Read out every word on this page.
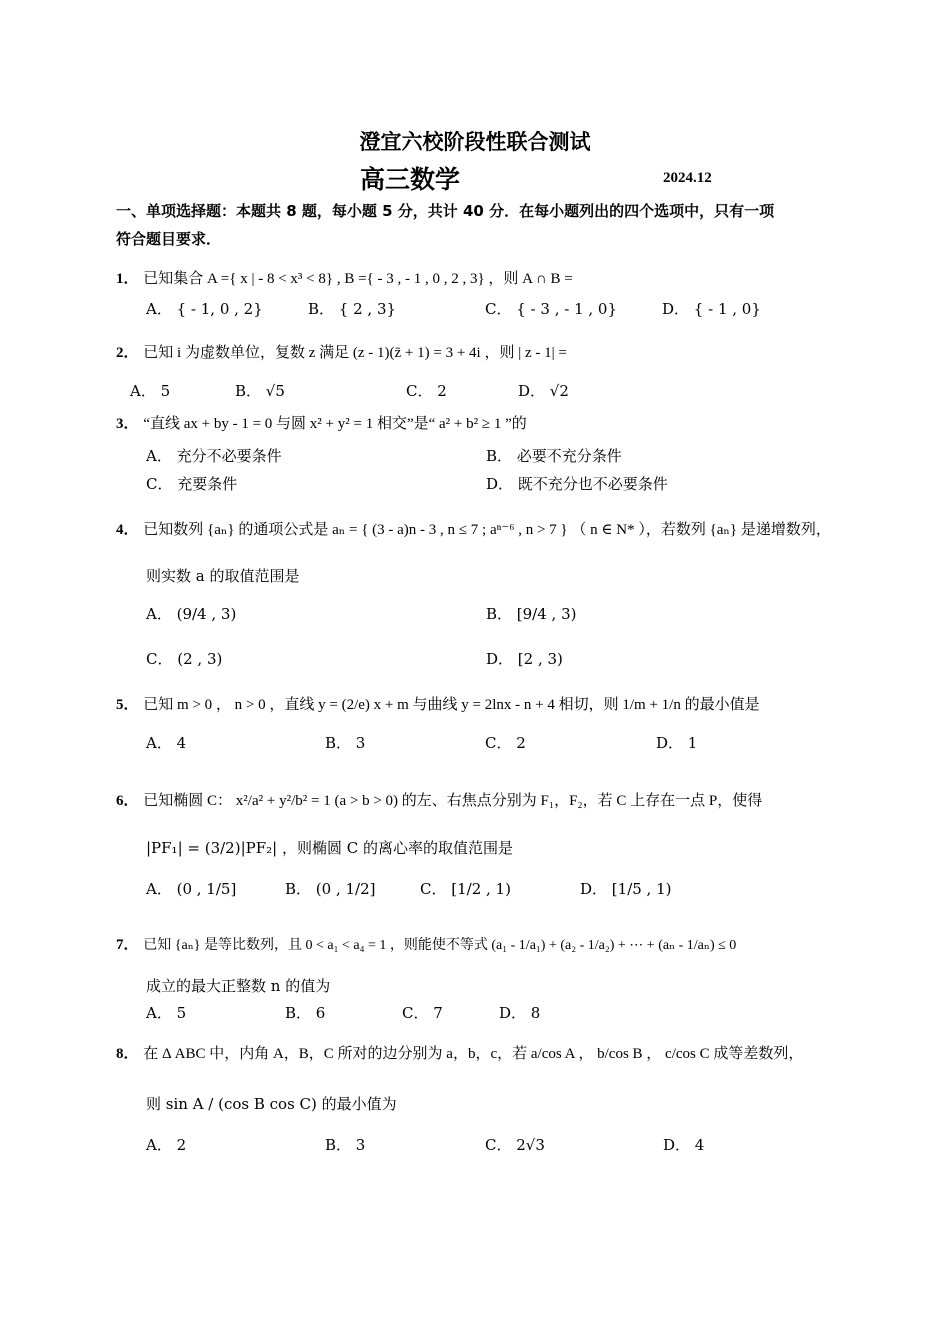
澄宜六校阶段性联合测试
高三数学	2024.12
一、单项选择题：本题共 8 题，每小题 5 分，共计 40 分．在每小题列出的四个选项中，只有一项
符合题目要求．
1． 已知集合 A ={ x | - 8 < x³ < 8} , B ={ - 3 , - 1 , 0 , 2 , 3} ，则 A ∩ B =
A． { - 1, 0 , 2}	B． { 2 , 3}	C． { - 3 , - 1 , 0}	D． { - 1 , 0}
2． 已知 i 为虚数单位，复数 z 满足 (z - 1)(z̄ + 1) = 3 + 4i ，则 | z - 1| =
A． 5	B． √5	C． 2	D． √2
3． “直线 ax + by - 1 = 0 与圆 x² + y² = 1 相交”是“ a² + b² ≥ 1 ”的
A． 充分不必要条件	B． 必要不充分条件
C． 充要条件	D． 既不充分也不必要条件
4． 已知数列 {aₙ} 的通项公式是 aₙ = { (3 - a)n - 3 , n ≤ 7 ; aⁿ⁻⁶ , n > 7 } （ n ∈ N* ），若数列 {aₙ} 是递增数列，
则实数 a 的取值范围是
A． (9/4 , 3)	B． [9/4 , 3)
C． (2 , 3)	D． [2 , 3)
5． 已知 m > 0 ， n > 0 ，直线 y = (2/e) x + m 与曲线 y = 2lnx - n + 4 相切，则 1/m + 1/n 的最小值是
A． 4	B． 3	C． 2	D． 1
6． 已知椭圆 C： x²/a² + y²/b² = 1 (a > b > 0) 的左、右焦点分别为 F₁，F₂，若 C 上存在一点 P，使得
|PF₁| = (3/2)|PF₂| ，则椭圆 C 的离心率的取值范围是
A． (0 , 1/5]	B． (0 , 1/2]	C． [1/2 , 1)	D． [1/5 , 1)
7． 已知 {aₙ} 是等比数列，且 0 < a₁ < a₄ = 1 ，则能使不等式 (a₁ - 1/a₁) + (a₂ - 1/a₂) + ⋯ + (aₙ - 1/aₙ) ≤ 0
成立的最大正整数 n 的值为
A． 5	B． 6	C． 7	D． 8
8． 在 Δ ABC 中，内角 A，B，C 所对的边分别为 a，b，c，若 a/cos A ， b/cos B ， c/cos C 成等差数列，
则 sin A / (cos B cos C) 的最小值为
A． 2	B． 3	C． 2√3	D． 4
